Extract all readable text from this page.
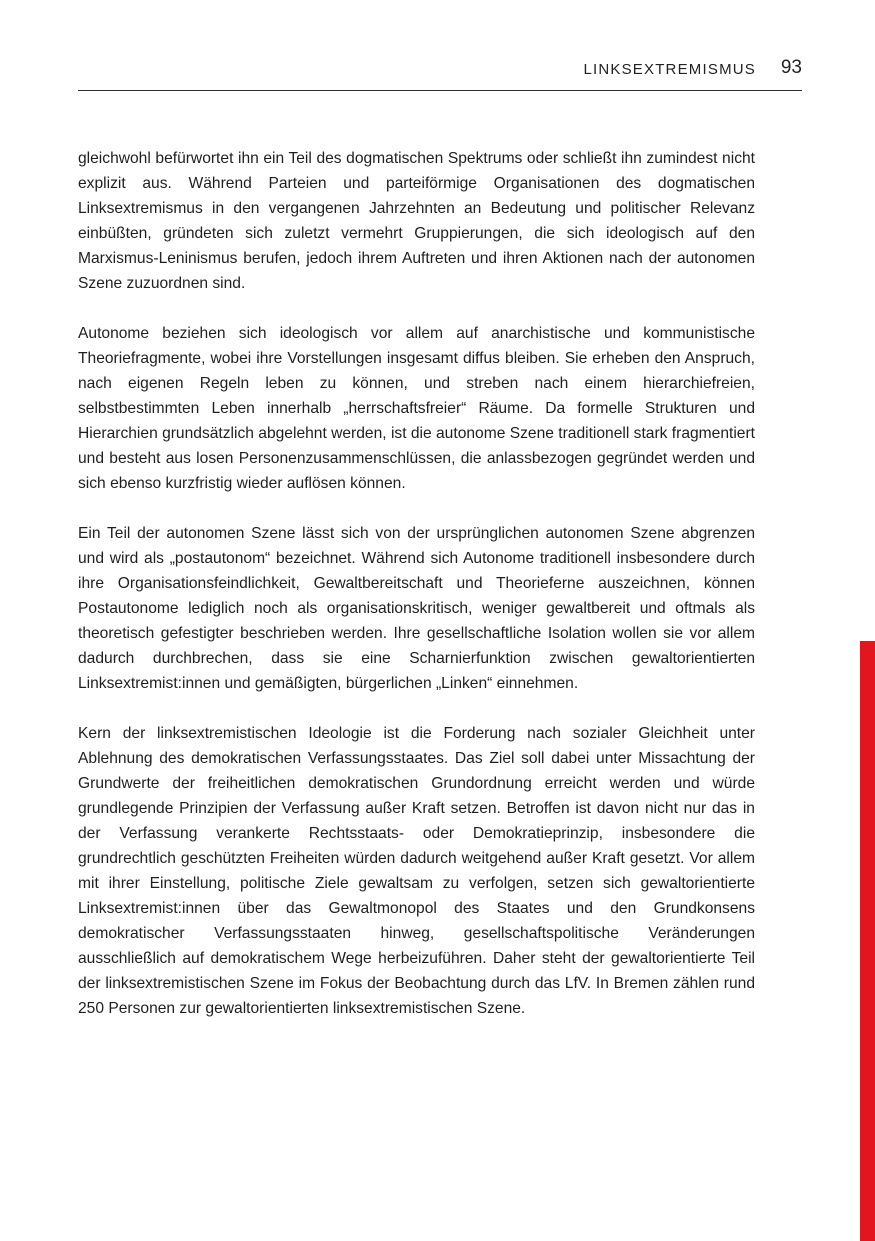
LINKSEXTREMISMUS 93

gleichwohl befürwortet ihn ein Teil des dogmatischen Spektrums oder schließt ihn zumindest nicht explizit aus. Während Parteien und parteiförmige Organisationen des dogmatischen Linksextremismus in den vergangenen Jahrzehnten an Bedeutung und politischer Relevanz einbüßten, gründeten sich zuletzt vermehrt Gruppierungen, die sich ideologisch auf den Marxismus-Leninismus berufen, jedoch ihrem Auftreten und ihren Aktionen nach der autonomen Szene zuzuordnen sind.

Autonome beziehen sich ideologisch vor allem auf anarchistische und kommunistische Theoriefragmente, wobei ihre Vorstellungen insgesamt diffus bleiben. Sie erheben den Anspruch, nach eigenen Regeln leben zu können, und streben nach einem hierarchiefreien, selbstbestimmten Leben innerhalb „herrschaftsfreier“ Räume. Da formelle Strukturen und Hierarchien grundsätzlich abgelehnt werden, ist die autonome Szene traditionell stark fragmentiert und besteht aus losen Personenzusammenschlüssen, die anlassbezogen gegründet werden und sich ebenso kurzfristig wieder auflösen können.

Ein Teil der autonomen Szene lässt sich von der ursprünglichen autonomen Szene abgrenzen und wird als „postautonom“ bezeichnet. Während sich Autonome traditionell insbesondere durch ihre Organisationsfeindlichkeit, Gewaltbereitschaft und Theorieferne auszeichnen, können Postautonome lediglich noch als organisationskritisch, weniger gewaltbereit und oftmals als theoretisch gefestigter beschrieben werden. Ihre gesellschaftliche Isolation wollen sie vor allem dadurch durchbrechen, dass sie eine Scharnierfunktion zwischen gewaltorientierten Linksextremist:innen und gemäßigten, bürgerlichen „Linken“ einnehmen.

Kern der linksextremistischen Ideologie ist die Forderung nach sozialer Gleichheit unter Ablehnung des demokratischen Verfassungsstaates. Das Ziel soll dabei unter Missachtung der Grundwerte der freiheitlichen demokratischen Grundordnung erreicht werden und würde grundlegende Prinzipien der Verfassung außer Kraft setzen. Betroffen ist davon nicht nur das in der Verfassung verankerte Rechtsstaats- oder Demokratieprinzip, insbesondere die grundrechtlich geschützten Freiheiten würden dadurch weitgehend außer Kraft gesetzt. Vor allem mit ihrer Einstellung, politische Ziele gewaltsam zu verfolgen, setzen sich gewaltorientierte Linksextremist:innen über das Gewaltmonopol des Staates und den Grundkonsens demokratischer Verfassungsstaaten hinweg, gesellschaftspolitische Veränderungen ausschließlich auf demokratischem Wege herbeizuführen. Daher steht der gewaltorientierte Teil der linksextremistischen Szene im Fokus der Beobachtung durch das LfV. In Bremen zählen rund 250 Personen zur gewaltorientierten linksextremistischen Szene.
